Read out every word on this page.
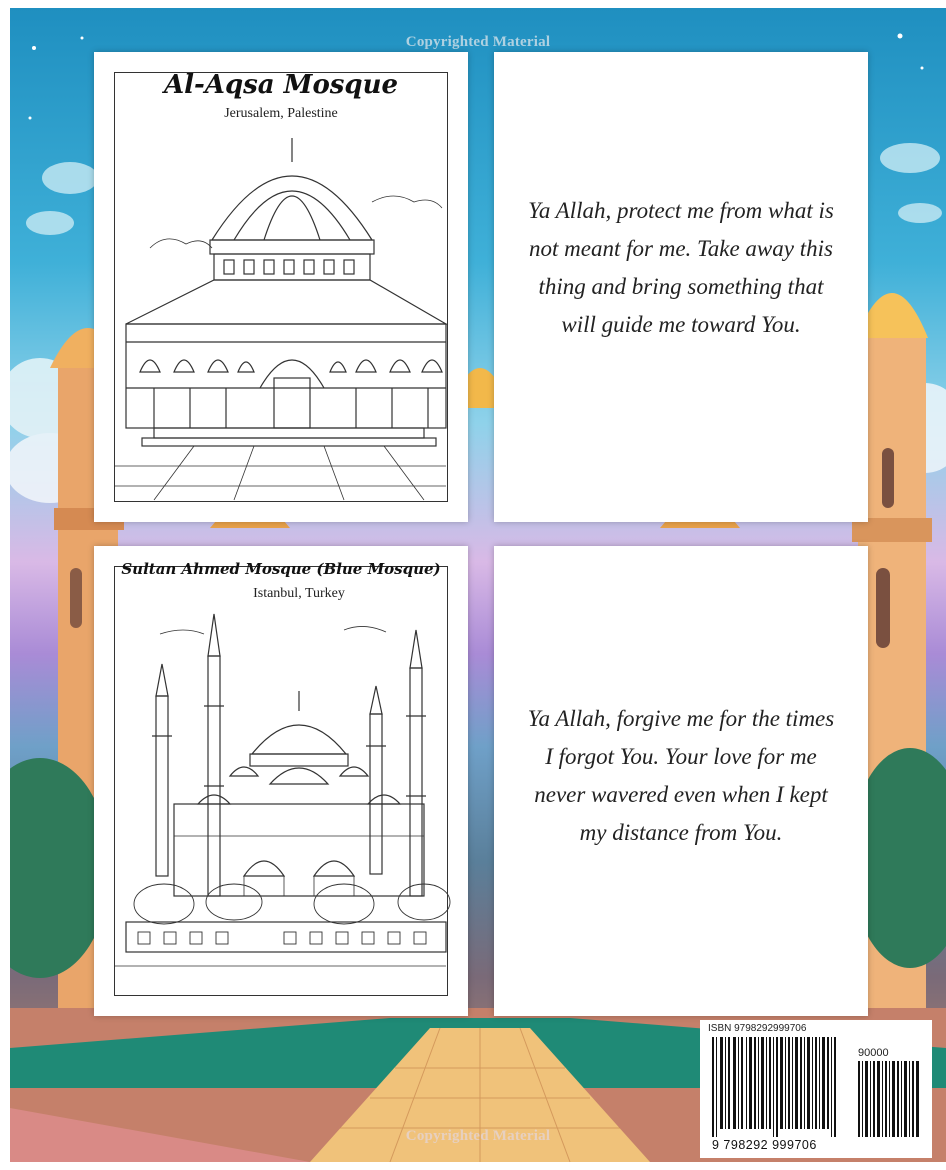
Copyrighted Material
Al-Aqsa Mosque
Jerusalem, Palestine
Ya Allah, protect me from what is not meant for me. Take away this thing and bring something that will guide me toward You.
Sultan Ahmed Mosque (Blue Mosque)
Istanbul, Turkey
Ya Allah, forgive me for the times I forgot You. Your love for me never wavered even when I kept my distance from You.
Copyrighted Material
ISBN 9798292999706
90000
9 798292 999706
